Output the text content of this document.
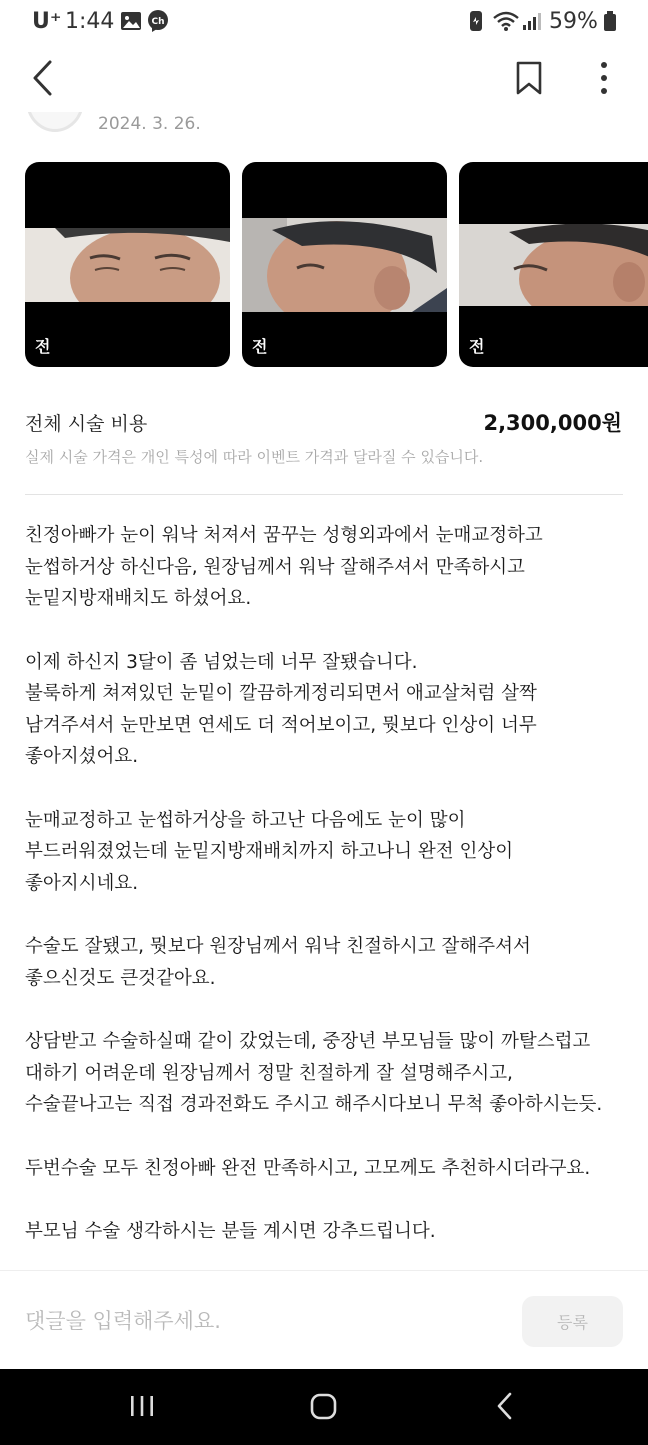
U⁺ 1:44	Ch	59%
2024. 3. 26.
전	전	전
전체 시술 비용	2,300,000원
실제 시술 가격은 개인 특성에 따라 이벤트 가격과 달라질 수 있습니다.
친정아빠가 눈이 워낙 처져서 꿈꾸는 성형외과에서 눈매교정하고
눈썹하거상 하신다음, 원장님께서 워낙 잘해주셔서 만족하시고
눈밑지방재배치도 하셨어요.
이제 하신지 3달이 좀 넘었는데 너무 잘됐습니다.
불룩하게 쳐져있던 눈밑이 깔끔하게정리되면서 애교살처럼 살짝
남겨주셔서 눈만보면 연세도 더 적어보이고, 뭣보다 인상이 너무
좋아지셨어요.
눈매교정하고 눈썹하거상을 하고난 다음에도 눈이 많이
부드러워졌었는데 눈밑지방재배치까지 하고나니 완전 인상이
좋아지시네요.
수술도 잘됐고, 뭣보다 원장님께서 워낙 친절하시고 잘해주셔서
좋으신것도 큰것같아요.
상담받고 수술하실때 같이 갔었는데, 중장년 부모님들 많이 까탈스럽고
대하기 어려운데 원장님께서 정말 친절하게 잘 설명해주시고,
수술끝나고는 직접 경과전화도 주시고 해주시다보니 무척 좋아하시는듯.
두번수술 모두 친정아빠 완전 만족하시고, 고모께도 추천하시더라구요.
부모님 수술 생각하시는 분들 계시면 강추드립니다.
댓글을 입력해주세요.
등록
